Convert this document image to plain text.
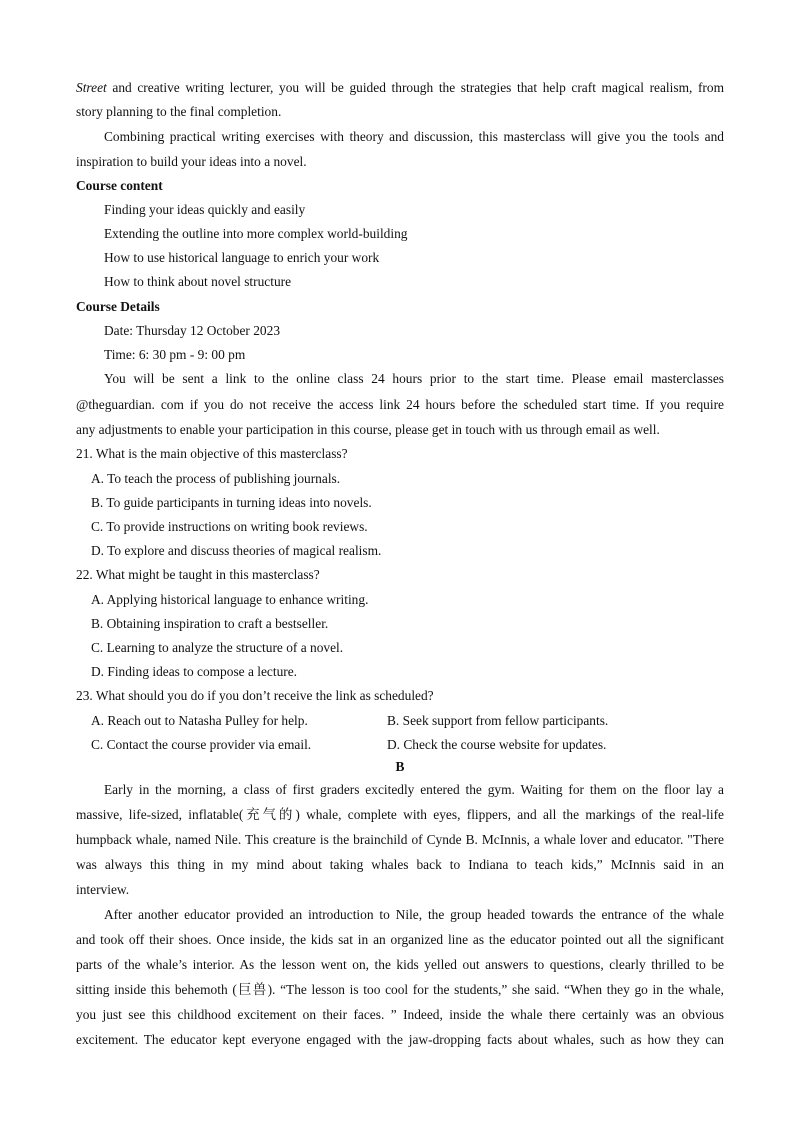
Street and creative writing lecturer, you will be guided through the strategies that help craft magical realism, from
story planning to the final completion.
Combining practical writing exercises with theory and discussion, this masterclass will give you the tools and
inspiration to build your ideas into a novel.
Course content
Finding your ideas quickly and easily
Extending the outline into more complex world-building
How to use historical language to enrich your work
How to think about novel structure
Course Details
Date: Thursday 12 October 2023
Time: 6: 30 pm - 9: 00 pm
You will be sent a link to the online class 24 hours prior to the start time. Please email masterclasses
@theguardian. com if you do not receive the access link 24 hours before the scheduled start time. If you require
any adjustments to enable your participation in this course, please get in touch with us through email as well.
21. What is the main objective of this masterclass?
A. To teach the process of publishing journals.
B. To guide participants in turning ideas into novels.
C. To provide instructions on writing book reviews.
D. To explore and discuss theories of magical realism.
22. What might be taught in this masterclass?
A. Applying historical language to enhance writing.
B. Obtaining inspiration to craft a bestseller.
C. Learning to analyze the structure of a novel.
D. Finding ideas to compose a lecture.
23. What should you do if you don’t receive the link as scheduled?
A. Reach out to Natasha Pulley for help.	B. Seek support from fellow participants.
C. Contact the course provider via email.	D. Check the course website for updates.
B
Early in the morning, a class of first graders excitedly entered the gym. Waiting for them on the floor lay a
massive, life-sized, inflatable(充气的) whale, complete with eyes, flippers, and all the markings of the real-life
humpback whale, named Nile. This creature is the brainchild of Cynde B. McInnis, a whale lover and educator. "There
was always this thing in my mind about taking whales back to Indiana to teach kids,” McInnis said in an
interview.
After another educator provided an introduction to Nile, the group headed towards the entrance of the whale
and took off their shoes. Once inside, the kids sat in an organized line as the educator pointed out all the significant
parts of the whale’s interior. As the lesson went on, the kids yelled out answers to questions, clearly thrilled to be
sitting inside this behemoth (巨兽). “The lesson is too cool for the students,” she said. “When they go in the whale,
you just see this childhood excitement on their faces. ” Indeed, inside the whale there certainly was an obvious
excitement. The educator kept everyone engaged with the jaw-dropping facts about whales, such as how they can
